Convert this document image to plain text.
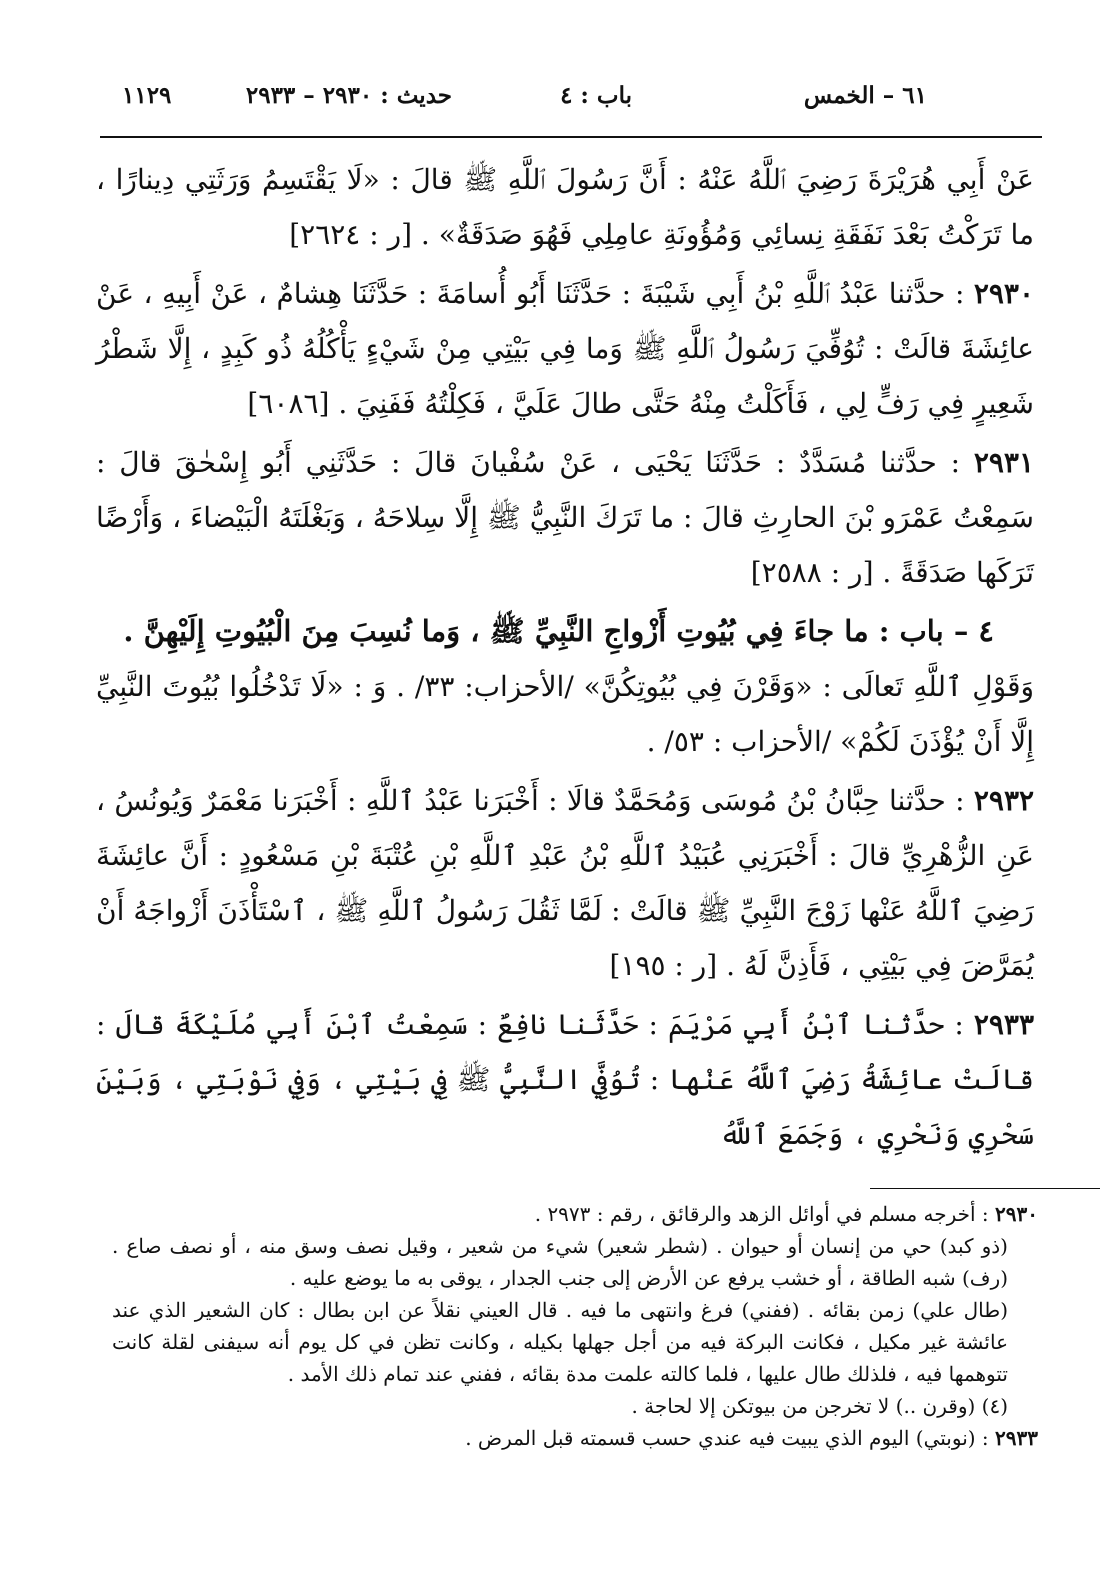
٦١ – الخمس
باب : ٤
حديث : ٢٩٣٠ – ٢٩٣٣
١١٢٩

عَنْ أَبِي هُرَيْرَةَ رَضِيَ ٱللَّهُ عَنْهُ : أَنَّ رَسُولَ ٱللَّهِ ﷺ قالَ : «لَا يَقْتَسِمُ وَرَثَتِي دِينارًا ، ما تَرَكْتُ بَعْدَ نَفَقَةِ نِسائِي وَمُؤُونَةِ عامِلِي فَهُوَ صَدَقَةٌ» . [ر : ٢٦٢٤]

٢٩٣٠ : حدَّثنا عَبْدُ ٱللَّهِ بْنُ أَبِي شَيْبَةَ : حَدَّثَنَا أَبُو أُسامَةَ : حَدَّثَنَا هِشامٌ ، عَنْ أَبِيهِ ، عَنْ عائِشَةَ قالَتْ : تُوُفِّيَ رَسُولُ ٱللَّهِ ﷺ وَما فِي بَيْتِي مِنْ شَيْءٍ يَأْكُلُهُ ذُو كَبِدٍ ، إِلَّا شَطْرُ شَعِيرٍ فِي رَفٍّ لِي ، فَأَكَلْتُ مِنْهُ حَتَّى طالَ عَلَيَّ ، فَكِلْتُهُ فَفَنِيَ . [٦٠٨٦]

٢٩٣١ : حدَّثنا مُسَدَّدٌ : حَدَّثَنَا يَحْيَى ، عَنْ سُفْيانَ قالَ : حَدَّثَنِي أَبُو إِسْحٰقَ قالَ : سَمِعْتُ عَمْرَو بْنَ الحارِثِ قالَ : ما تَرَكَ النَّبِيُّ ﷺ إِلَّا سِلاحَهُ ، وَبَغْلَتَهُ الْبَيْضاءَ ، وَأَرْضًا تَرَكَها صَدَقَةً . [ر : ٢٥٨٨]

٤ – باب : ما جاءَ فِي بُيُوتِ أَزْواجِ النَّبِيِّ ﷺ ، وَما نُسِبَ مِنَ الْبُيُوتِ إِلَيْهِنَّ .

وَقَوْلِ ٱللَّهِ تَعالَى : «وَقَرْنَ فِي بُيُوتِكُنَّ» /الأحزاب: ٣٣/ . وَ : «لَا تَدْخُلُوا بُيُوتَ النَّبِيِّ إِلَّا أَنْ يُؤْذَنَ لَكُمْ» /الأحزاب : ٥٣/ .

٢٩٣٢ : حدَّثنا حِبَّانُ بْنُ مُوسَى وَمُحَمَّدٌ قالَا : أَخْبَرَنا عَبْدُ ٱللَّهِ : أَخْبَرَنا مَعْمَرٌ وَيُونُسُ ، عَنِ الزُّهْرِيِّ قالَ : أَخْبَرَنِي عُبَيْدُ ٱللَّهِ بْنُ عَبْدِ ٱللَّهِ بْنِ عُتْبَةَ بْنِ مَسْعُودٍ : أَنَّ عائِشَةَ رَضِيَ ٱللَّهُ عَنْها زَوْجَ النَّبِيِّ ﷺ قالَتْ : لَمَّا ثَقُلَ رَسُولُ ٱللَّهِ ﷺ ، ٱسْتَأْذَنَ أَزْواجَهُ أَنْ يُمَرَّضَ فِي بَيْتِي ، فَأَذِنَّ لَهُ . [ر : ١٩٥]

٢٩٣٣ : حدَّثنا ٱبْنُ أَبِي مَرْيَمَ : حَدَّثَنا نافِعٌ : سَمِعْتُ ٱبْنَ أَبِي مُلَيْكَةَ قالَ : قالَتْ عائِشَةُ رَضِيَ ٱللَّهُ عَنْها : تُوُفِّيَ النَّبِيُّ ﷺ فِي بَيْتِي ، وَفِي نَوْبَتِي ، وَبَيْنَ سَحْرِي وَنَحْرِي ، وَجَمَعَ ٱللَّهُ

٢٩٣٠ : أخرجه مسلم في أوائل الزهد والرقائق ، رقم : ٢٩٧٣ .

(ذو كبد) حي من إنسان أو حيوان . (شطر شعير) شيء من شعير ، وقيل نصف وسق منه ، أو نصف صاع . (رف) شبه الطاقة ، أو خشب يرفع عن الأرض إلى جنب الجدار ، يوقى به ما يوضع عليه .

(طال علي) زمن بقائه . (ففني) فرغ وانتهى ما فيه . قال العيني نقلاً عن ابن بطال : كان الشعير الذي عند عائشة غير مكيل ، فكانت البركة فيه من أجل جهلها بكيله ، وكانت تظن في كل يوم أنه سيفنى لقلة كانت تتوهمها فيه ، فلذلك طال عليها ، فلما كالته علمت مدة بقائه ، ففني عند تمام ذلك الأمد .

(٤) (وقرن ..) لا تخرجن من بيوتكن إلا لحاجة .

٢٩٣٣ : (نوبتي) اليوم الذي يبيت فيه عندي حسب قسمته قبل المرض .
